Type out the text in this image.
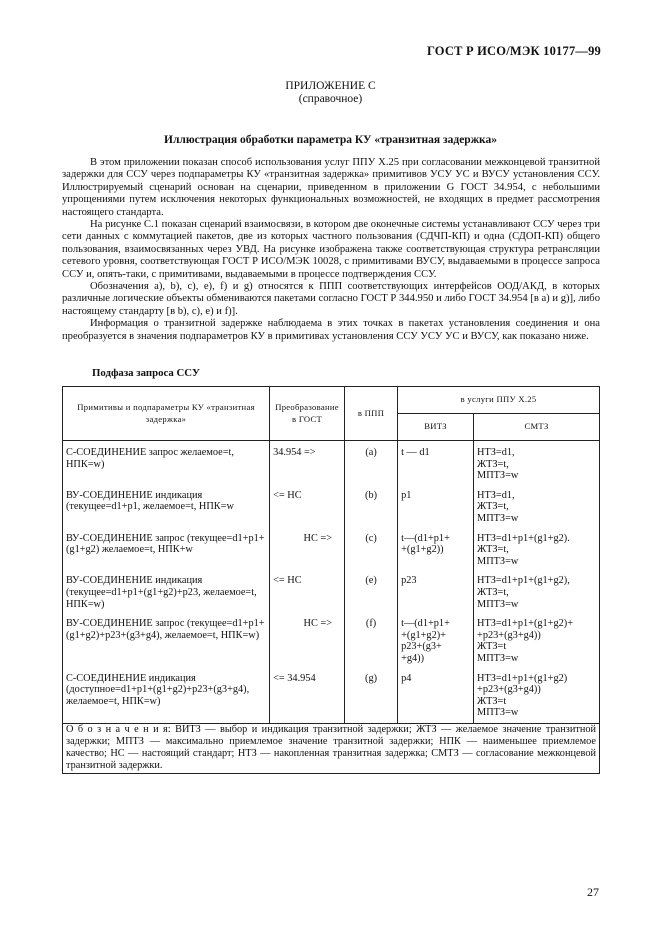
ГОСТ Р ИСО/МЭК 10177—99
ПРИЛОЖЕНИЕ С
(справочное)
Иллюстрация обработки параметра КУ «транзитная задержка»

В этом приложении показан способ использования услуг ППУ X.25 при согласовании межконцевой транзитной задержки для ССУ через подпараметры КУ «транзитная задержка» примитивов УСУ УС и ВУСУ установления ССУ. Иллюстрируемый сценарий основан на сценарии, приведенном в приложении G ГОСТ 34.954, с небольшими упрощениями путем исключения некоторых функциональных возможностей, не входящих в предмет рассмотрения настоящего стандарта.

На рисунке С.1 показан сценарий взаимосвязи, в котором две оконечные системы устанавливают ССУ через три сети данных с коммутацией пакетов, две из которых частного пользования (СДЧП-КП) и одна (СДОП-КП) общего пользования, взаимосвязанных через УВД. На рисунке изображена также соответствующая структура ретрансляции сетевого уровня, соответствующая ГОСТ Р ИСО/МЭК 10028, с примитивами ВУСУ, выдаваемыми в процессе запроса ССУ и, опять-таки, с примитивами, выдаваемыми в процессе подтверждения ССУ.

Обозначения a), b), c), e), f) и g) относятся к ППП соответствующих интерфейсов ООД/АКД, в которых различные логические объекты обмениваются пакетами согласно ГОСТ Р 344.950 и либо ГОСТ 34.954 [в а) и g)], либо настоящему стандарту [в b), c), e) и f)].

Информация о транзитной задержке наблюдаема в этих точках в пакетах установления соединения и она преобразуется в значения подпараметров КУ в примитивах установления ССУ УСУ УС и ВУСУ, как показано ниже.

Подфаза запроса ССУ
Примитивы и подпараметры КУ «транзитная задержка»	Преобразование в ГОСТ	в ППП	в услуги ППУ X.25	
			ВИТЗ	СМТЗ
С-СОЕДИНЕНИЕ запрос желаемое=t, НПК=w)	34.954 =>	(а)	t — d1	НТЗ=d1,
ЖТЗ=t,
МПТЗ=w
ВУ-СОЕДИНЕНИЕ индикация (текущее=d1+p1, желаемое=t, НПК=w	<= НС	(b)	p1	НТЗ=d1,
ЖТЗ=t,
МПТЗ=w
ВУ-СОЕДИНЕНИЕ запрос (текущее=d1+p1+(g1+g2) желаемое=t, НПК+w	НС =>	(с)	t—(d1+p1+
+(g1+g2))	НТЗ=d1+p1+(g1+g2).
ЖТЗ=t,
МПТЗ=w
ВУ-СОЕДИНЕНИЕ индикация (текущее=d1+p1+(g1+g2)+p23, желаемое=t, НПК=w)	<= НС	(е)	p23	НТЗ=d1+p1+(g1+g2),
ЖТЗ=t,
МПТЗ=w
ВУ-СОЕДИНЕНИЕ запрос (текущее=d1+p1+(g1+g2)+p23+(g3+g4), желаемое=t, НПК=w)	НС =>	(f)	t—(d1+p1+
+(g1+g2)+
p23+(g3+
+g4))	НТЗ=d1+p1+(g1+g2)+
+p23+(g3+g4))
ЖТЗ=t
МПТЗ=w
С-СОЕДИНЕНИЕ индикация (доступное=d1+p1+(g1+g2)+p23+(g3+g4), желаемое=t, НПК=w)	<= 34.954	(g)	p4	НТЗ=d1+p1+(g1+g2)
+p23+(g3+g4))
ЖТЗ=t
МПТЗ=w
О б о з н а ч е н и я: ВИТЗ — выбор и индикация транзитной задержки; ЖТЗ — желаемое значение транзитной задержки; МПТЗ — максимально приемлемое значение транзитной задержки; НПК — наименьшее приемлемое качество; НС — настоящий стандарт; НТЗ — накопленная транзитная задержка; СМТЗ — согласование межконцевой транзитной задержки.				
27
